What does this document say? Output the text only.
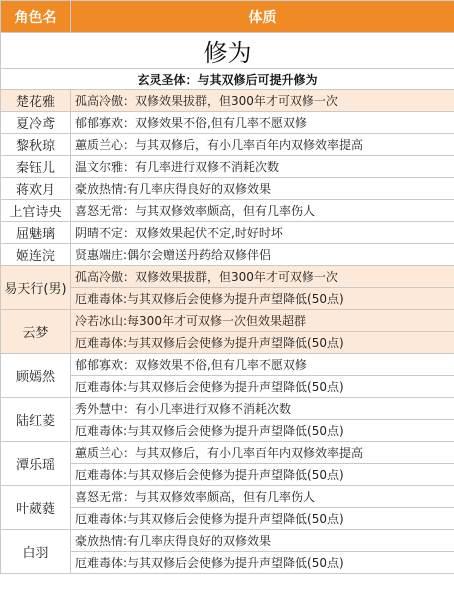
角色名	体质
修为	
玄灵圣体：与其双修后可提升修为	
楚花雅	孤高冷傲：双修效果拔群，但300年才可双修一次
夏冷鸢	郁郁寡欢：双修效果不俗,但有几率不愿双修
黎秋琼	蕙质兰心：与其双修后，有小几率百年内双修效率提高
秦钰儿	温文尔雅：有几率进行双修不消耗次数
蒋欢月	豪放热情:有几率庆得良好的双修效果
上官诗央	喜怒无常：与其双修效率颇高，但有几率伤人
屈魅璃	阴晴不定：双修效果起伏不定,时好时坏
姬连浣	贤惠端庄:偶尔会赠送丹药给双修伴侣
易天行(男)	孤高冷傲：双修效果拔群，但300年才可双修一次
	厄难毒体:与其双修后会使修为提升声望降低(50点)
云梦	冷若冰山:每300年才可双修一次但效果超群
	厄难毒体:与其双修后会使修为提升声望降低(50点)
顾嫣然	郁郁寡欢：双修效果不俗,但有几率不愿双修
	厄难毒体:与其双修后会使修为提升声望降低(50点)
陆红菱	秀外慧中：有小几率进行双修不消耗次数
	厄难毒体:与其双修后会使修为提升声望降低(50点)
潭乐瑶	蕙质兰心：与其双修后，有小几率百年内双修效率提高
	厄难毒体:与其双修后会使修为提升声望降低(50点)
叶葳蕤	喜怒无常：与其双修效率颇高，但有几率伤人
	厄难毒体:与其双修后会使修为提升声望降低(50点)
白羽	豪放热情:有几率庆得良好的双修效果
	厄难毒体:与其双修后会使修为提升声望降低(50点)
